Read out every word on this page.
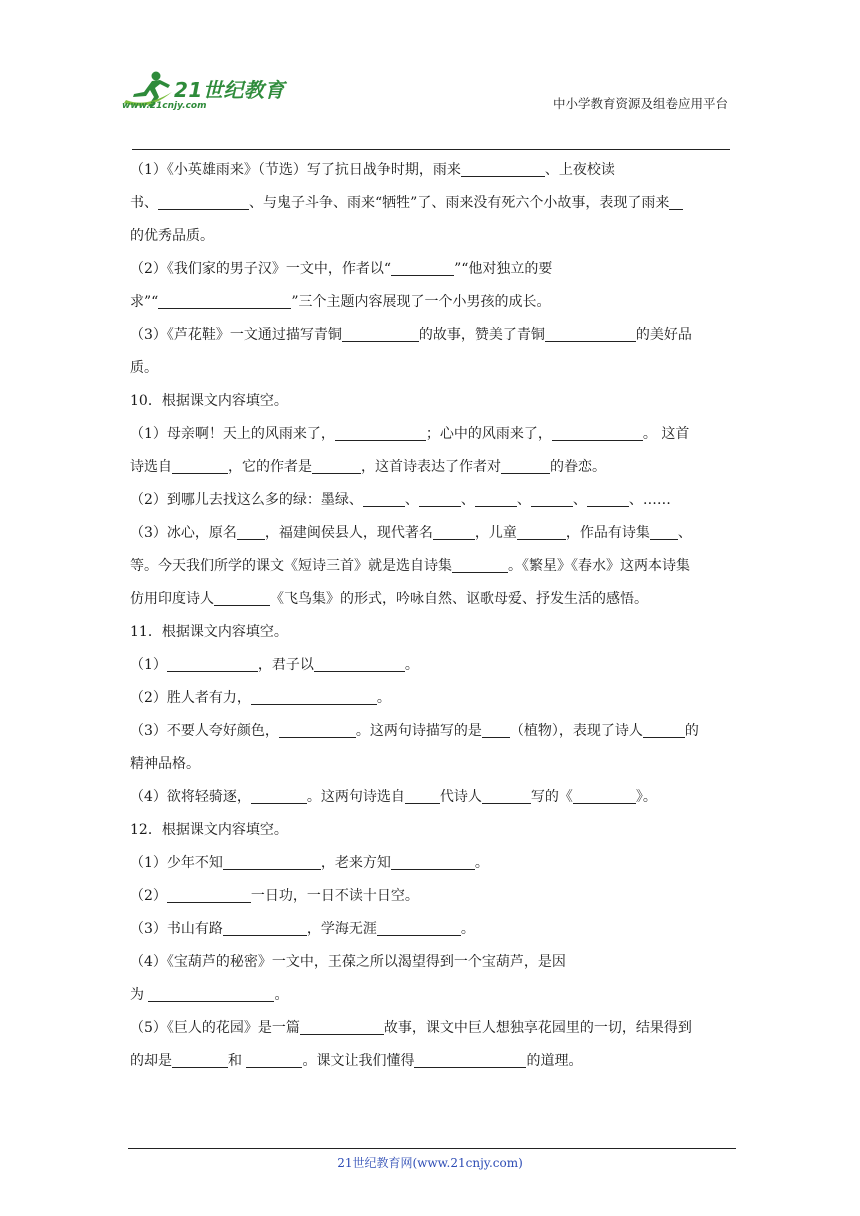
21世纪教育
www.21cnjy.com	中小学教育资源及组卷应用平台
（1）《小英雄雨来》（节选）写了抗日战争时期，雨来	、上夜校读
书、	、与鬼子斗争、雨来“牺牲”了、雨来没有死六个小故事，表现了雨来
的优秀品质。
（2）《我们家的男子汉》一文中，作者以“	”“他对独立的要
求”“	”三个主题内容展现了一个小男孩的成长。
（3）《芦花鞋》一文通过描写青铜	的故事，赞美了青铜	的美好品
质。
10．根据课文内容填空。
（1）母亲啊！天上的风雨来了，	；心中的风雨来了，	。 这首
诗选自	，它的作者是	，这首诗表达了作者对	的眷恋。
（2）到哪儿去找这么多的绿：墨绿、	、	、	、	、	、……
（3）冰心，原名 ，福建闽侯县人，现代著名	，儿童	，作品有诗集 、
等。今天我们所学的课文《短诗三首》就是选自诗集	。《繁星》《春水》这两本诗集
仿用印度诗人	《飞鸟集》的形式，吟咏自然、讴歌母爱、抒发生活的感悟。
11．根据课文内容填空。
（1）	，君子以	。
（2）胜人者有力，	。
（3）不要人夸好颜色，	。这两句诗描写的是 （植物），表现了诗人	的
精神品格。
（4）欲将轻骑逐，	。这两句诗选自	代诗人	写的《	》。
12．根据课文内容填空。
（1）少年不知	，老来方知	。
（2）	一日功，一日不读十日空。
（3）书山有路	，学海无涯	。
（4）《宝葫芦的秘密》一文中，王葆之所以渴望得到一个宝葫芦，是因
为	。
（5）《巨人的花园》是一篇	故事，课文中巨人想独享花园里的一切，结果得到
的却是	和	。课文让我们懂得	的道理。
21世纪教育网(www.21cnjy.com)
